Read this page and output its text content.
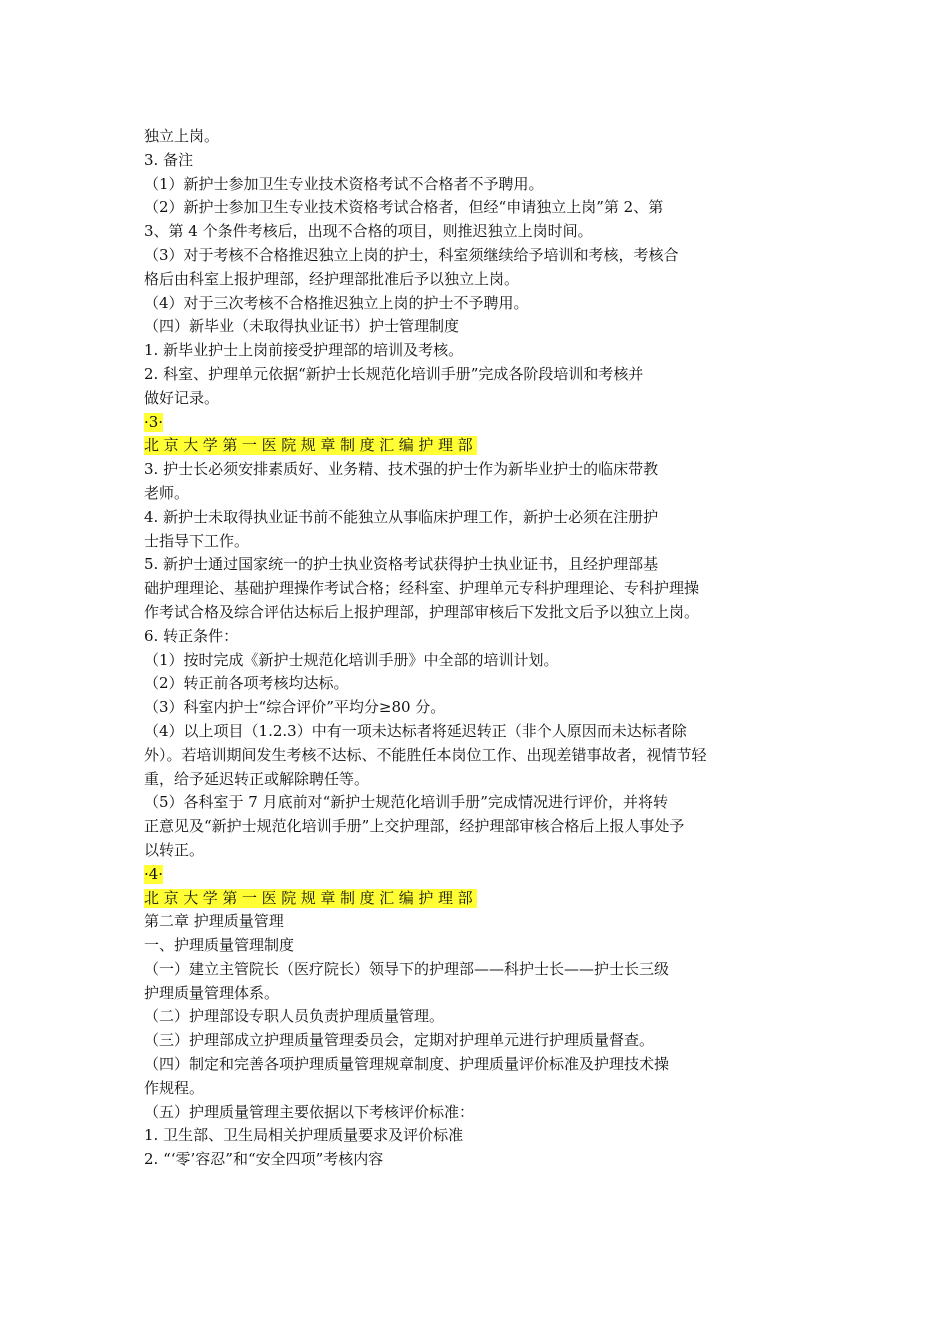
独立上岗。
3. 备注
（1）新护士参加卫生专业技术资格考试不合格者不予聘用。
（2）新护士参加卫生专业技术资格考试合格者，但经“申请独立上岗”第 2、第
3、第 4 个条件考核后，出现不合格的项目，则推迟独立上岗时间。
（3）对于考核不合格推迟独立上岗的护士，科室须继续给予培训和考核，考核合
格后由科室上报护理部，经护理部批准后予以独立上岗。
（4）对于三次考核不合格推迟独立上岗的护士不予聘用。
（四）新毕业（未取得执业证书）护士管理制度
1. 新毕业护士上岗前接受护理部的培训及考核。
2. 科室、护理单元依据“新护士长规范化培训手册”完成各阶段培训和考核并
做好记录。
·3·
北京大学第一医院规章制度汇编护理部
3. 护士长必须安排素质好、业务精、技术强的护士作为新毕业护士的临床带教
老师。
4. 新护士未取得执业证书前不能独立从事临床护理工作，新护士必须在注册护
士指导下工作。
5. 新护士通过国家统一的护士执业资格考试获得护士执业证书，且经护理部基
础护理理论、基础护理操作考试合格；经科室、护理单元专科护理理论、专科护理操
作考试合格及综合评估达标后上报护理部，护理部审核后下发批文后予以独立上岗。
6. 转正条件：
（1）按时完成《新护士规范化培训手册》中全部的培训计划。
（2）转正前各项考核均达标。
（3）科室内护士“综合评价”平均分≥80 分。
（4）以上项目（1.2.3）中有一项未达标者将延迟转正（非个人原因而未达标者除
外）。若培训期间发生考核不达标、不能胜任本岗位工作、出现差错事故者，视情节轻
重，给予延迟转正或解除聘任等。
（5）各科室于 7 月底前对“新护士规范化培训手册”完成情况进行评价，并将转
正意见及“新护士规范化培训手册”上交护理部，经护理部审核合格后上报人事处予
以转正。
·4·
北京大学第一医院规章制度汇编护理部
第二章 护理质量管理
一、护理质量管理制度
（一）建立主管院长（医疗院长）领导下的护理部——科护士长——护士长三级
护理质量管理体系。
（二）护理部设专职人员负责护理质量管理。
（三）护理部成立护理质量管理委员会，定期对护理单元进行护理质量督查。
（四）制定和完善各项护理质量管理规章制度、护理质量评价标准及护理技术操
作规程。
（五）护理质量管理主要依据以下考核评价标准：
1. 卫生部、卫生局相关护理质量要求及评价标准
2. “‘零’容忍”和“安全四项”考核内容
